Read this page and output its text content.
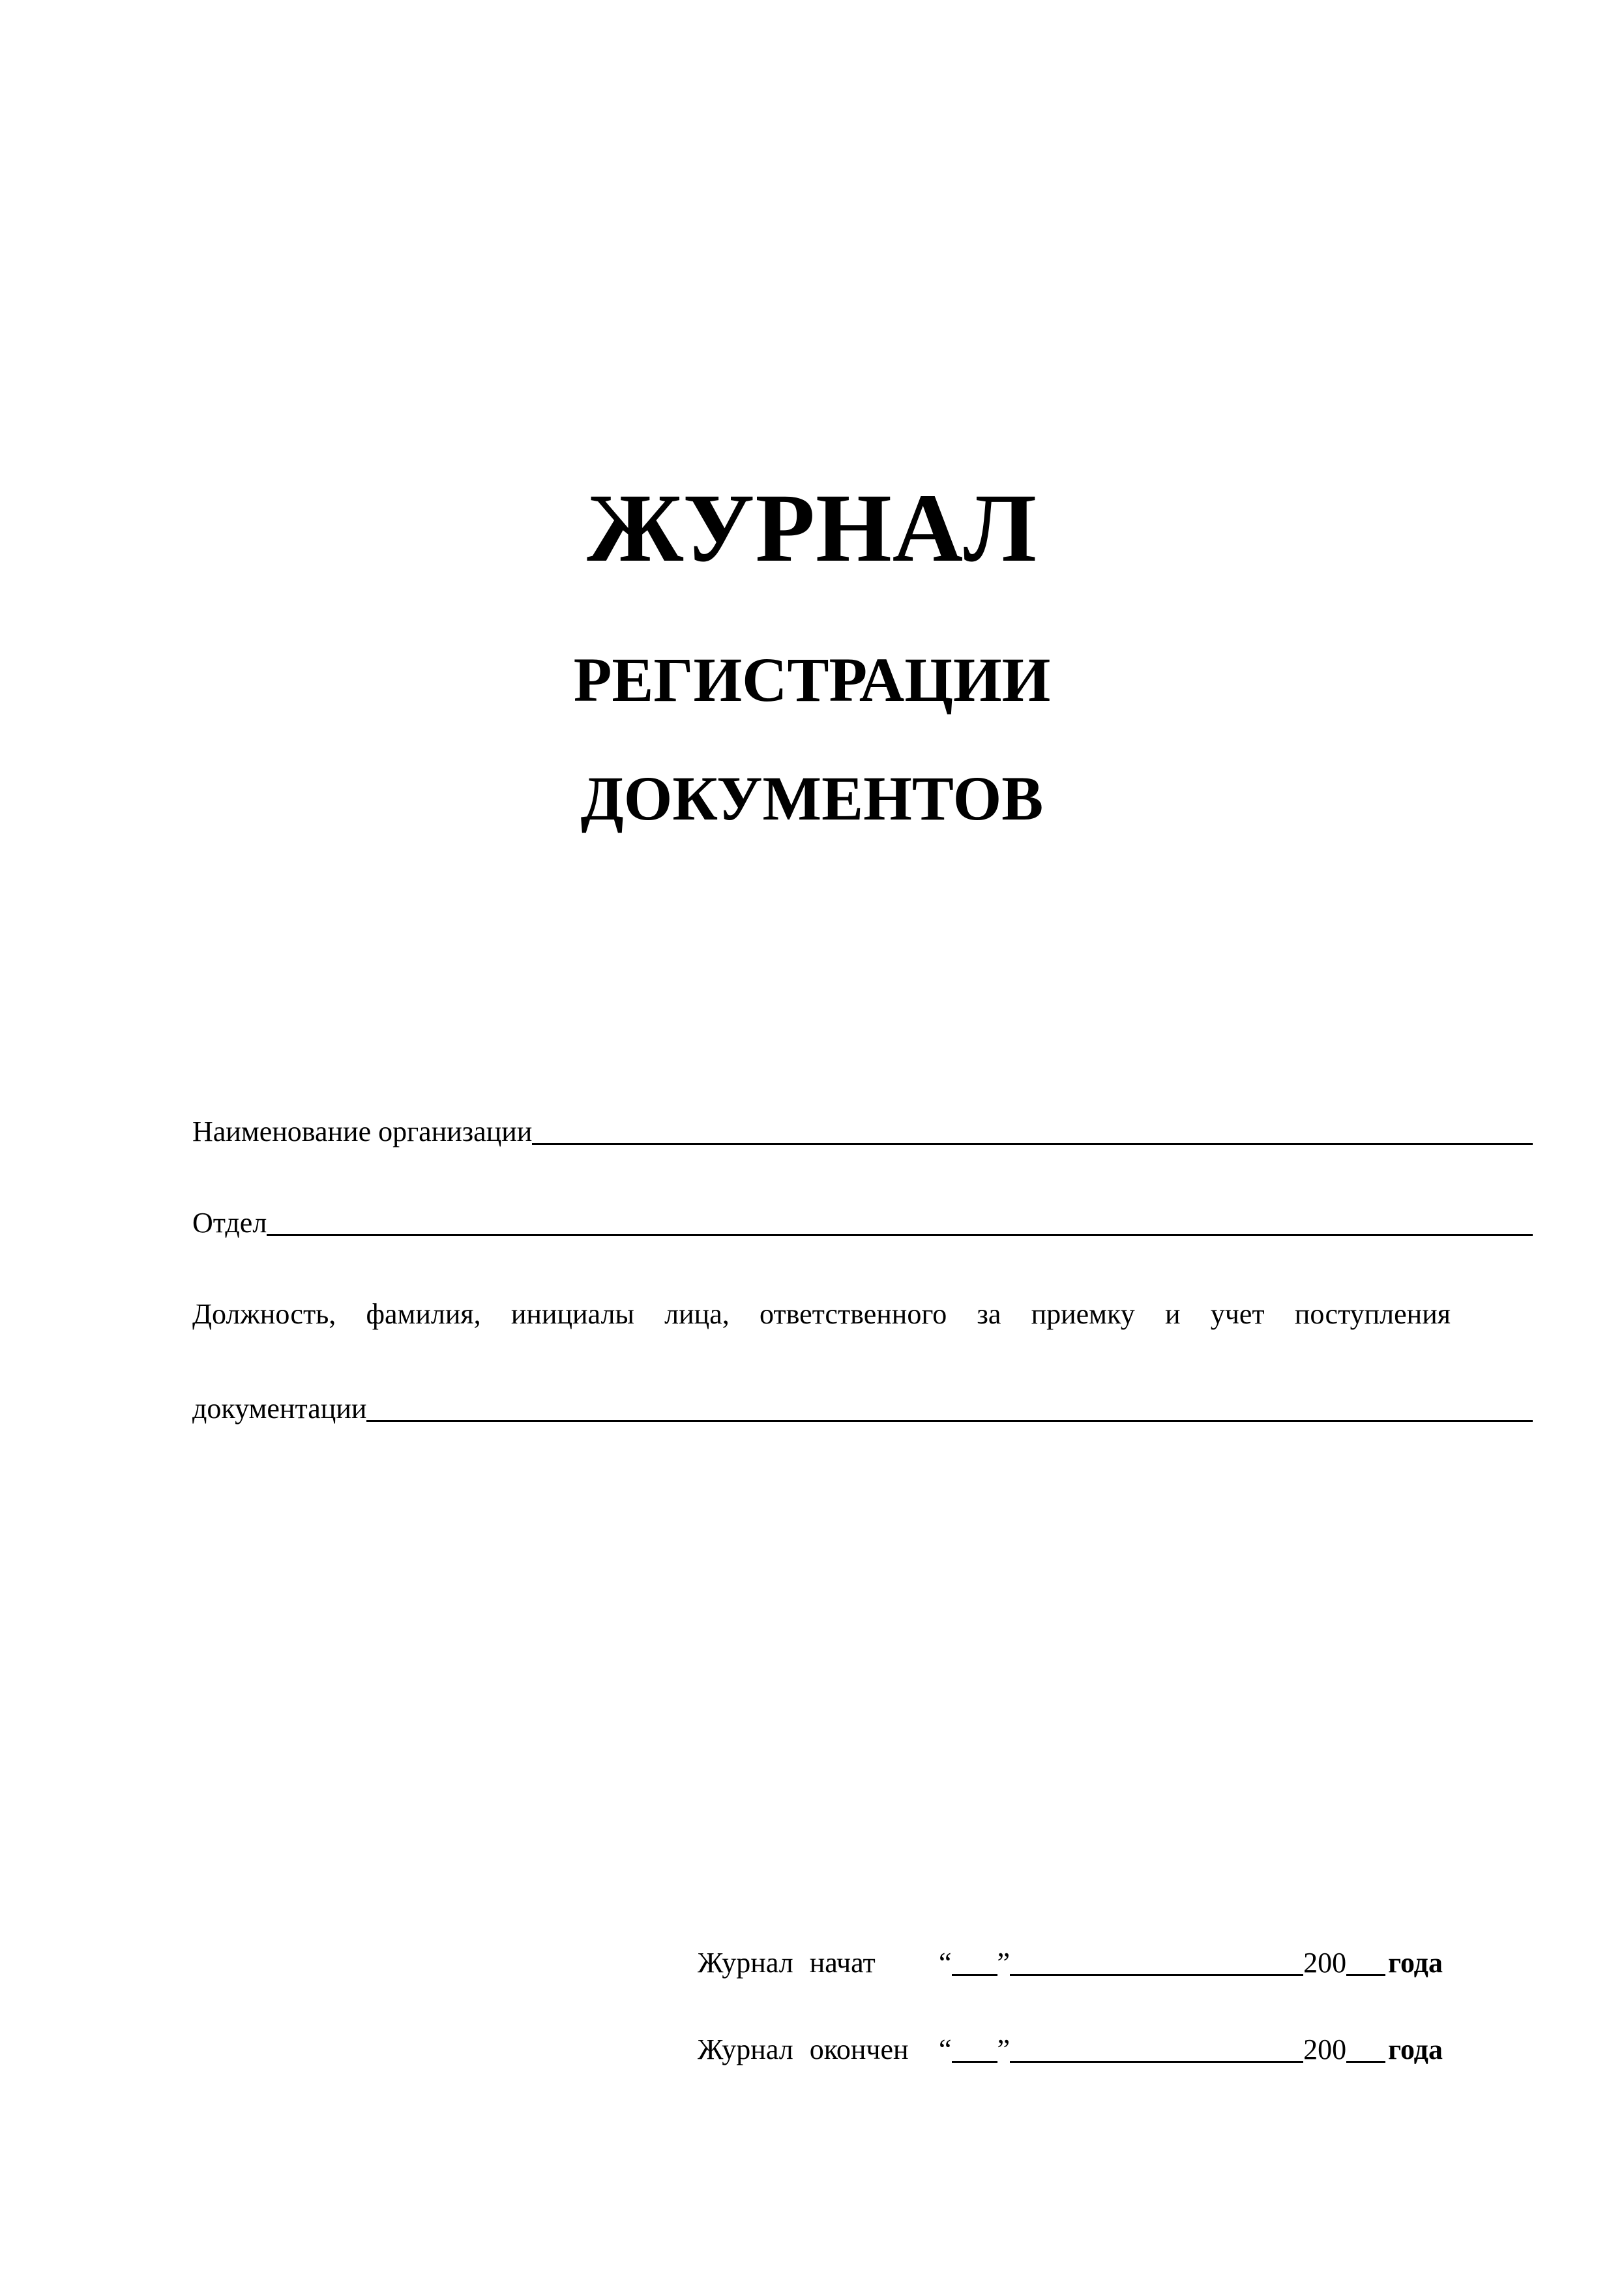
ЖУРНАЛ
РЕГИСТРАЦИИ
ДОКУМЕНТОВ
Наименование организации
Отдел
Должность, фамилия, инициалы лица, ответственного за приемку и учет поступления
документации
Журнал начат	“ ”	200 года
Журнал окончен	“ ”	200 года
